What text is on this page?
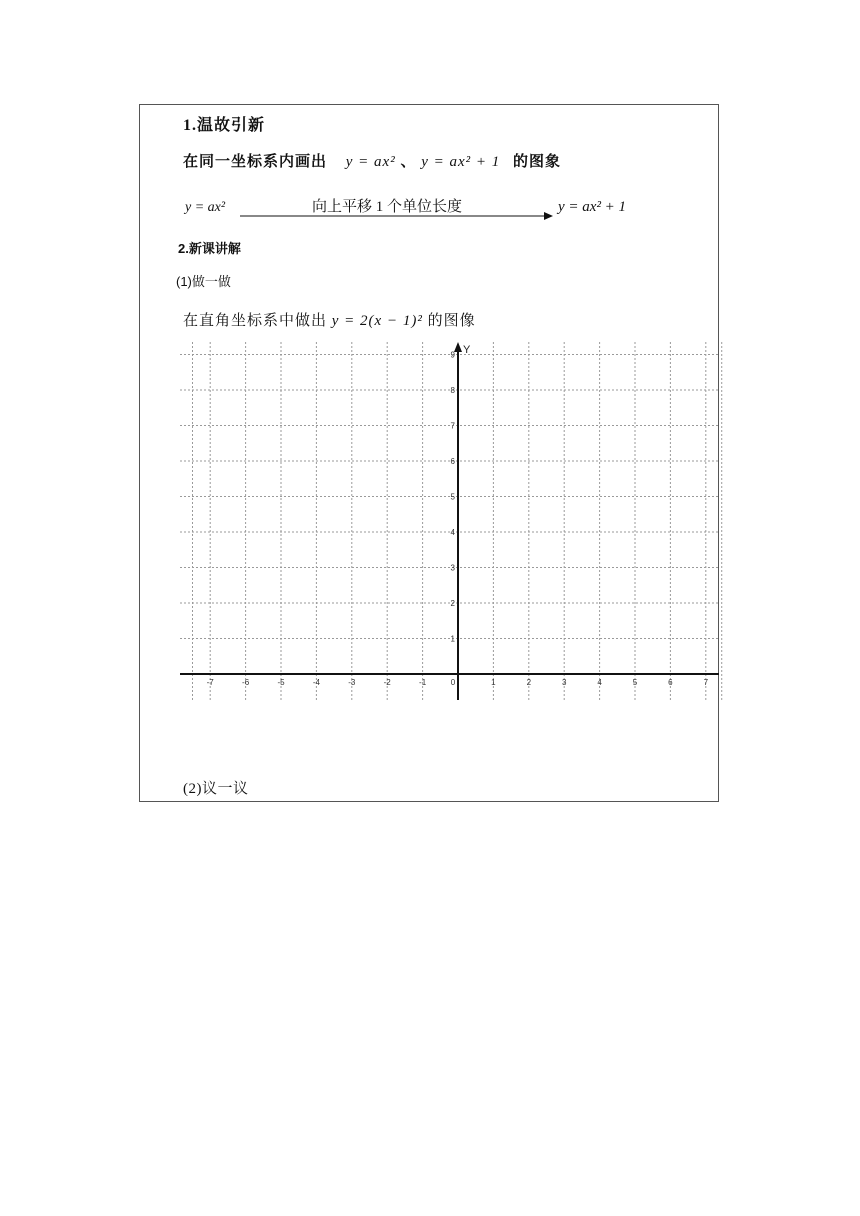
1.温故引新
在同一坐标系内画出 y = ax² 、 y = ax² + 1 的图象
y = ax²	向上平移 1 个单位长度	y = ax² + 1
2.新课讲解
(1)做一做
在直角坐标系中做出 y = 2(x − 1)² 的图像
Y
-7	-6	-5	-4	-3	-2	-1	0	1	2	3	4	5	6	7
1
2
3
4
5
6
7
8
9
(2)议一议
